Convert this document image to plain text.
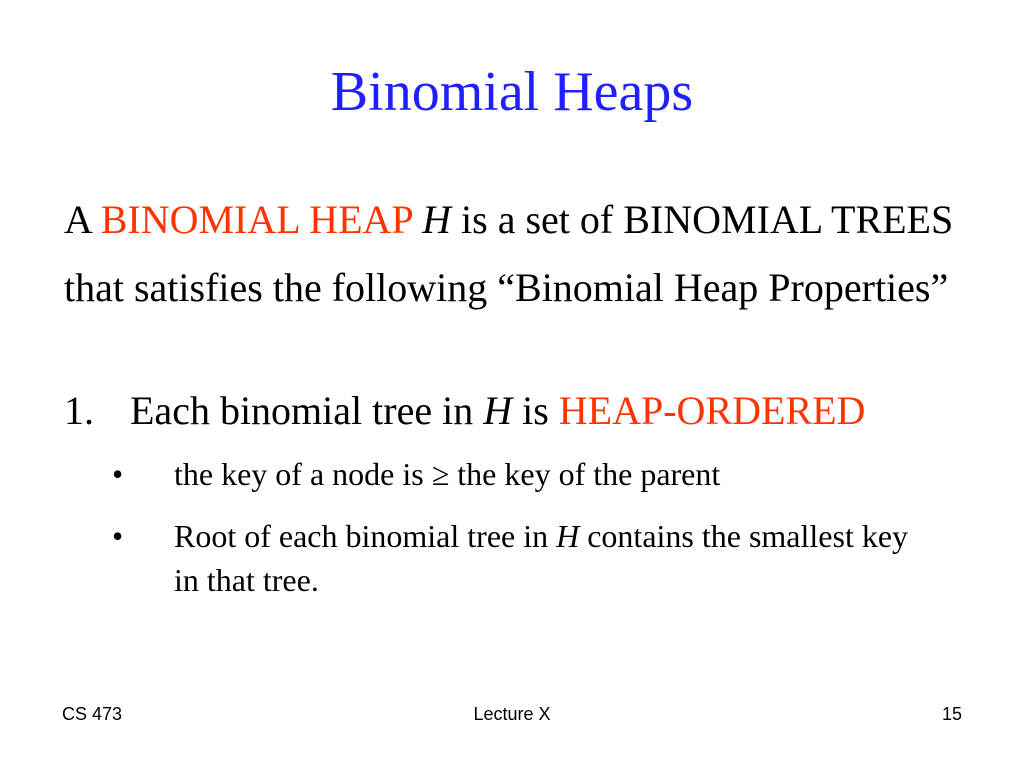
Binomial Heaps
A BINOMIAL HEAP H is a set of BINOMIAL TREES that satisfies the following “Binomial Heap Properties”
1. Each binomial tree in H is HEAP-ORDERED
•	the key of a node is ≥ the key of the parent
•	Root of each binomial tree in H contains the smallest key in that tree.
CS 473	Lecture X	15
